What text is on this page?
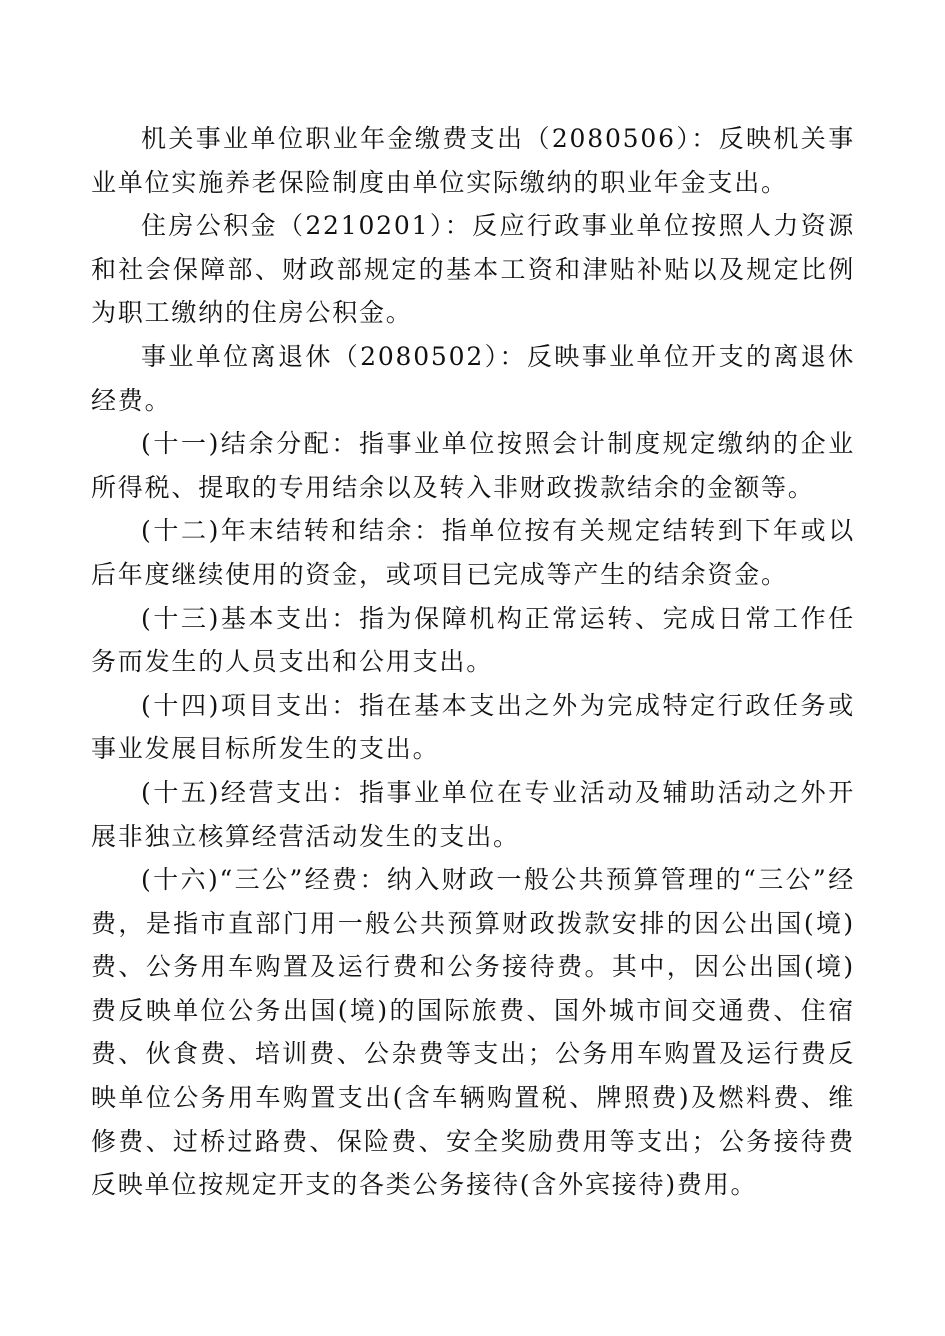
机关事业单位职业年金缴费支出（2080506）：反映机关事业单位实施养老保险制度由单位实际缴纳的职业年金支出。

住房公积金（2210201）：反应行政事业单位按照人力资源和社会保障部、财政部规定的基本工资和津贴补贴以及规定比例为职工缴纳的住房公积金。

事业单位离退休（2080502）：反映事业单位开支的离退休经费。

(十一)结余分配：指事业单位按照会计制度规定缴纳的企业所得税、提取的专用结余以及转入非财政拨款结余的金额等。

(十二)年末结转和结余：指单位按有关规定结转到下年或以后年度继续使用的资金，或项目已完成等产生的结余资金。

(十三)基本支出：指为保障机构正常运转、完成日常工作任务而发生的人员支出和公用支出。

(十四)项目支出：指在基本支出之外为完成特定行政任务或事业发展目标所发生的支出。

(十五)经营支出：指事业单位在专业活动及辅助活动之外开展非独立核算经营活动发生的支出。

(十六)“三公”经费：纳入财政一般公共预算管理的“三公”经费，是指市直部门用一般公共预算财政拨款安排的因公出国(境)费、公务用车购置及运行费和公务接待费。其中，因公出国(境)费反映单位公务出国(境)的国际旅费、国外城市间交通费、住宿费、伙食费、培训费、公杂费等支出；公务用车购置及运行费反映单位公务用车购置支出(含车辆购置税、牌照费)及燃料费、维修费、过桥过路费、保险费、安全奖励费用等支出；公务接待费反映单位按规定开支的各类公务接待(含外宾接待)费用。
